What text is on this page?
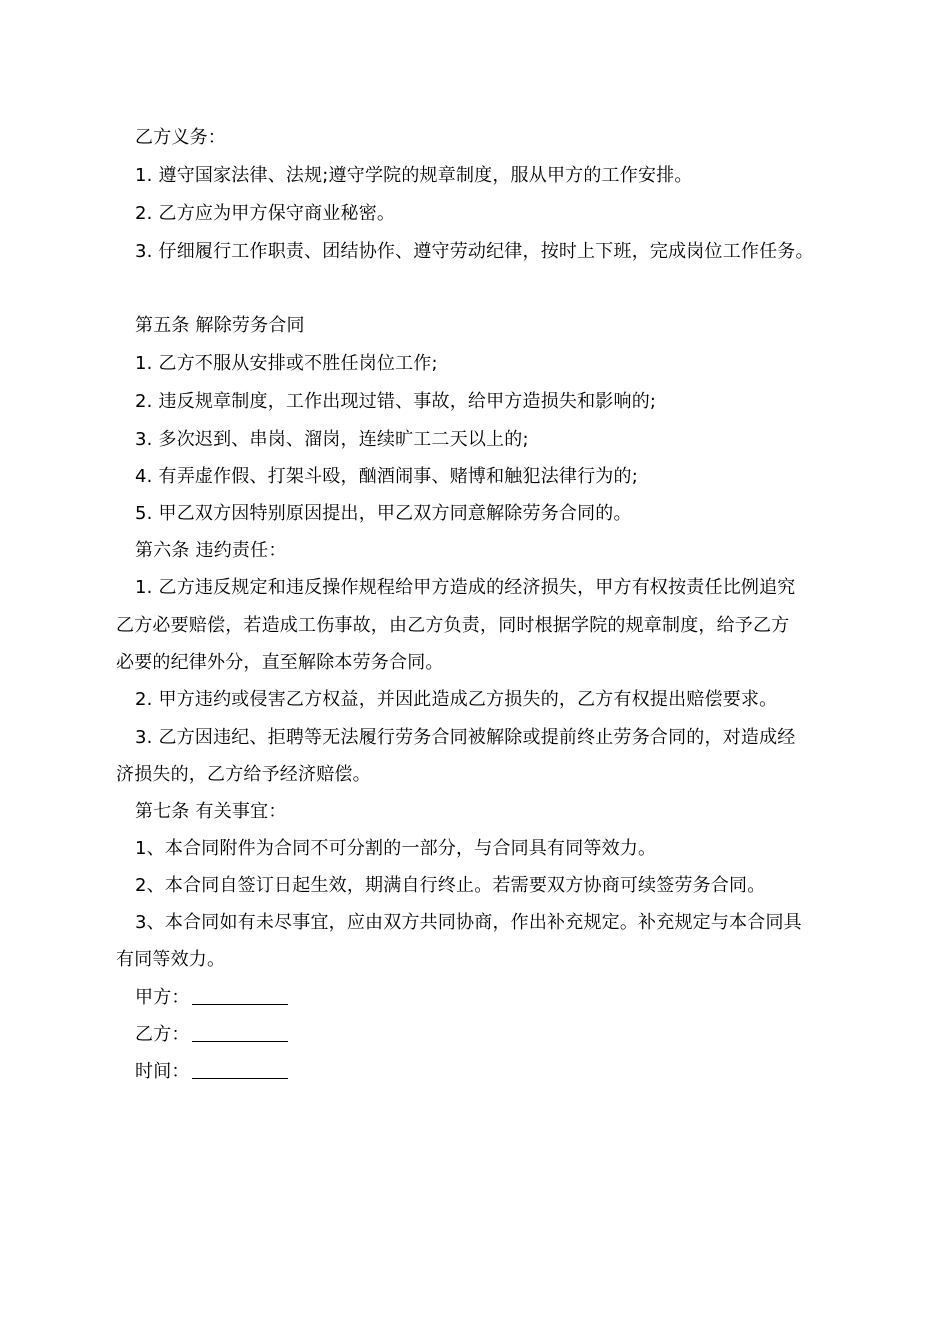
乙方义务：
1. 遵守国家法律、法规;遵守学院的规章制度，服从甲方的工作安排。
2. 乙方应为甲方保守商业秘密。
3. 仔细履行工作职责、团结协作、遵守劳动纪律，按时上下班，完成岗位工作任务。
第五条 解除劳务合同
1. 乙方不服从安排或不胜任岗位工作;
2. 违反规章制度，工作出现过错、事故，给甲方造损失和影响的;
3. 多次迟到、串岗、溜岗，连续旷工二天以上的;
4. 有弄虚作假、打架斗殴，酗酒闹事、赌博和触犯法律行为的;
5. 甲乙双方因特别原因提出，甲乙双方同意解除劳务合同的。
第六条 违约责任：
1. 乙方违反规定和违反操作规程给甲方造成的经济损失，甲方有权按责任比例追究
乙方必要赔偿，若造成工伤事故，由乙方负责，同时根据学院的规章制度，给予乙方
必要的纪律外分，直至解除本劳务合同。
2. 甲方违约或侵害乙方权益，并因此造成乙方损失的，乙方有权提出赔偿要求。
3. 乙方因违纪、拒聘等无法履行劳务合同被解除或提前终止劳务合同的，对造成经
济损失的，乙方给予经济赔偿。
第七条 有关事宜：
1、本合同附件为合同不可分割的一部分，与合同具有同等效力。
2、本合同自签订日起生效，期满自行终止。若需要双方协商可续签劳务合同。
3、本合同如有未尽事宜，应由双方共同协商，作出补充规定。补充规定与本合同具
有同等效力。
甲方：
乙方：
时间：
